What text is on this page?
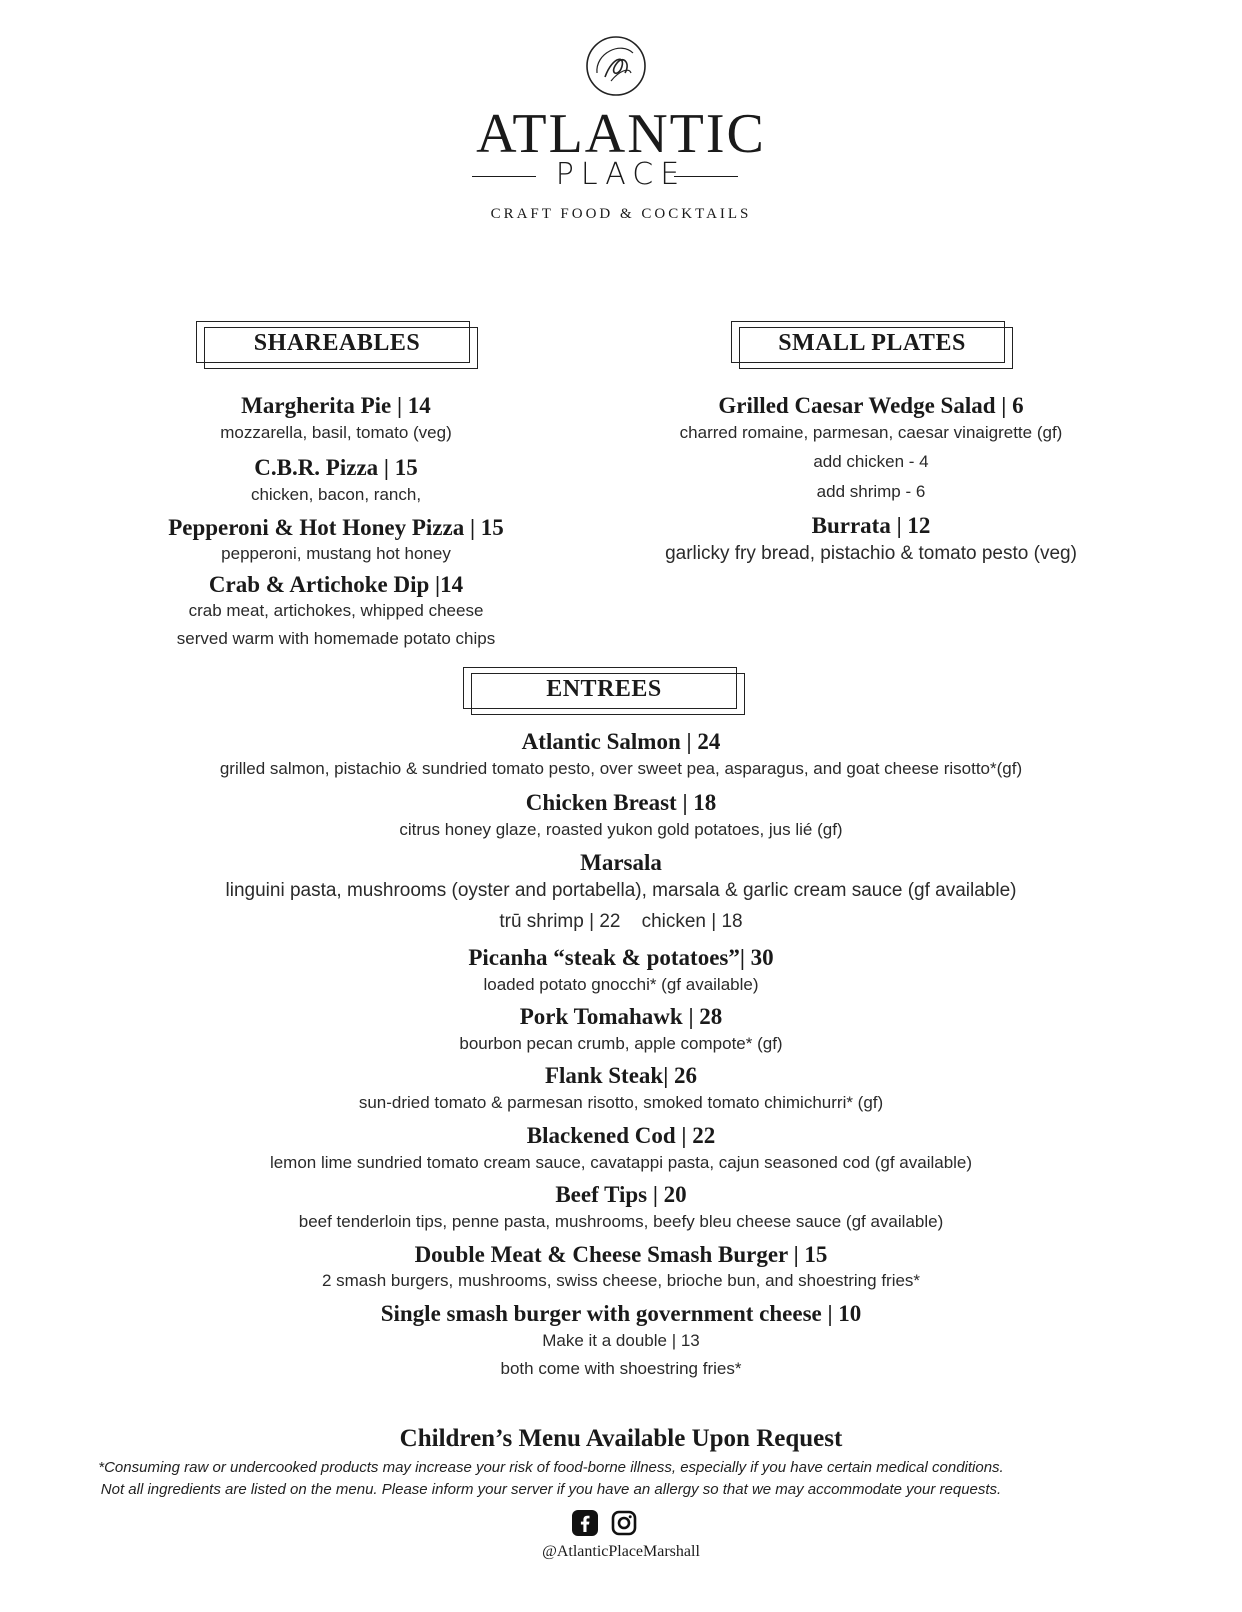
ATLANTIC
PLACE
CRAFT FOOD & COCKTAILS
SHAREABLES
Margherita Pie | 14
mozzarella, basil, tomato (veg)
C.B.R. Pizza | 15
chicken, bacon, ranch,
Pepperoni & Hot Honey Pizza | 15
pepperoni, mustang hot honey
Crab & Artichoke Dip |14
crab meat, artichokes, whipped cheese
served warm with homemade potato chips
SMALL PLATES
Grilled Caesar Wedge Salad | 6
charred romaine, parmesan, caesar vinaigrette (gf)
add chicken - 4
add shrimp - 6
Burrata | 12
garlicky fry bread, pistachio & tomato pesto (veg)
ENTREES
Atlantic Salmon | 24
grilled salmon, pistachio & sundried tomato pesto, over sweet pea, asparagus, and goat cheese risotto*(gf)
Chicken Breast | 18
citrus honey glaze, roasted yukon gold potatoes, jus lié (gf)
Marsala
linguini pasta, mushrooms (oyster and portabella), marsala & garlic cream sauce (gf available)
trū shrimp | 22    chicken | 18
Picanha “steak & potatoes”| 30
loaded potato gnocchi* (gf available)
Pork Tomahawk | 28
bourbon pecan crumb, apple compote* (gf)
Flank Steak| 26
sun-dried tomato & parmesan risotto, smoked tomato chimichurri* (gf)
Blackened Cod | 22
lemon lime sundried tomato cream sauce, cavatappi pasta, cajun seasoned cod (gf available)
Beef Tips | 20
beef tenderloin tips, penne pasta, mushrooms, beefy bleu cheese sauce (gf available)
Double Meat & Cheese Smash Burger | 15
2 smash burgers, mushrooms, swiss cheese, brioche bun, and shoestring fries*
Single smash burger with government cheese | 10
Make it a double | 13
both come with shoestring fries*
Children’s Menu Available Upon Request
*Consuming raw or undercooked products may increase your risk of food-borne illness, especially if you have certain medical conditions.
Not all ingredients are listed on the menu. Please inform your server if you have an allergy so that we may accommodate your requests.
@AtlanticPlaceMarshall
